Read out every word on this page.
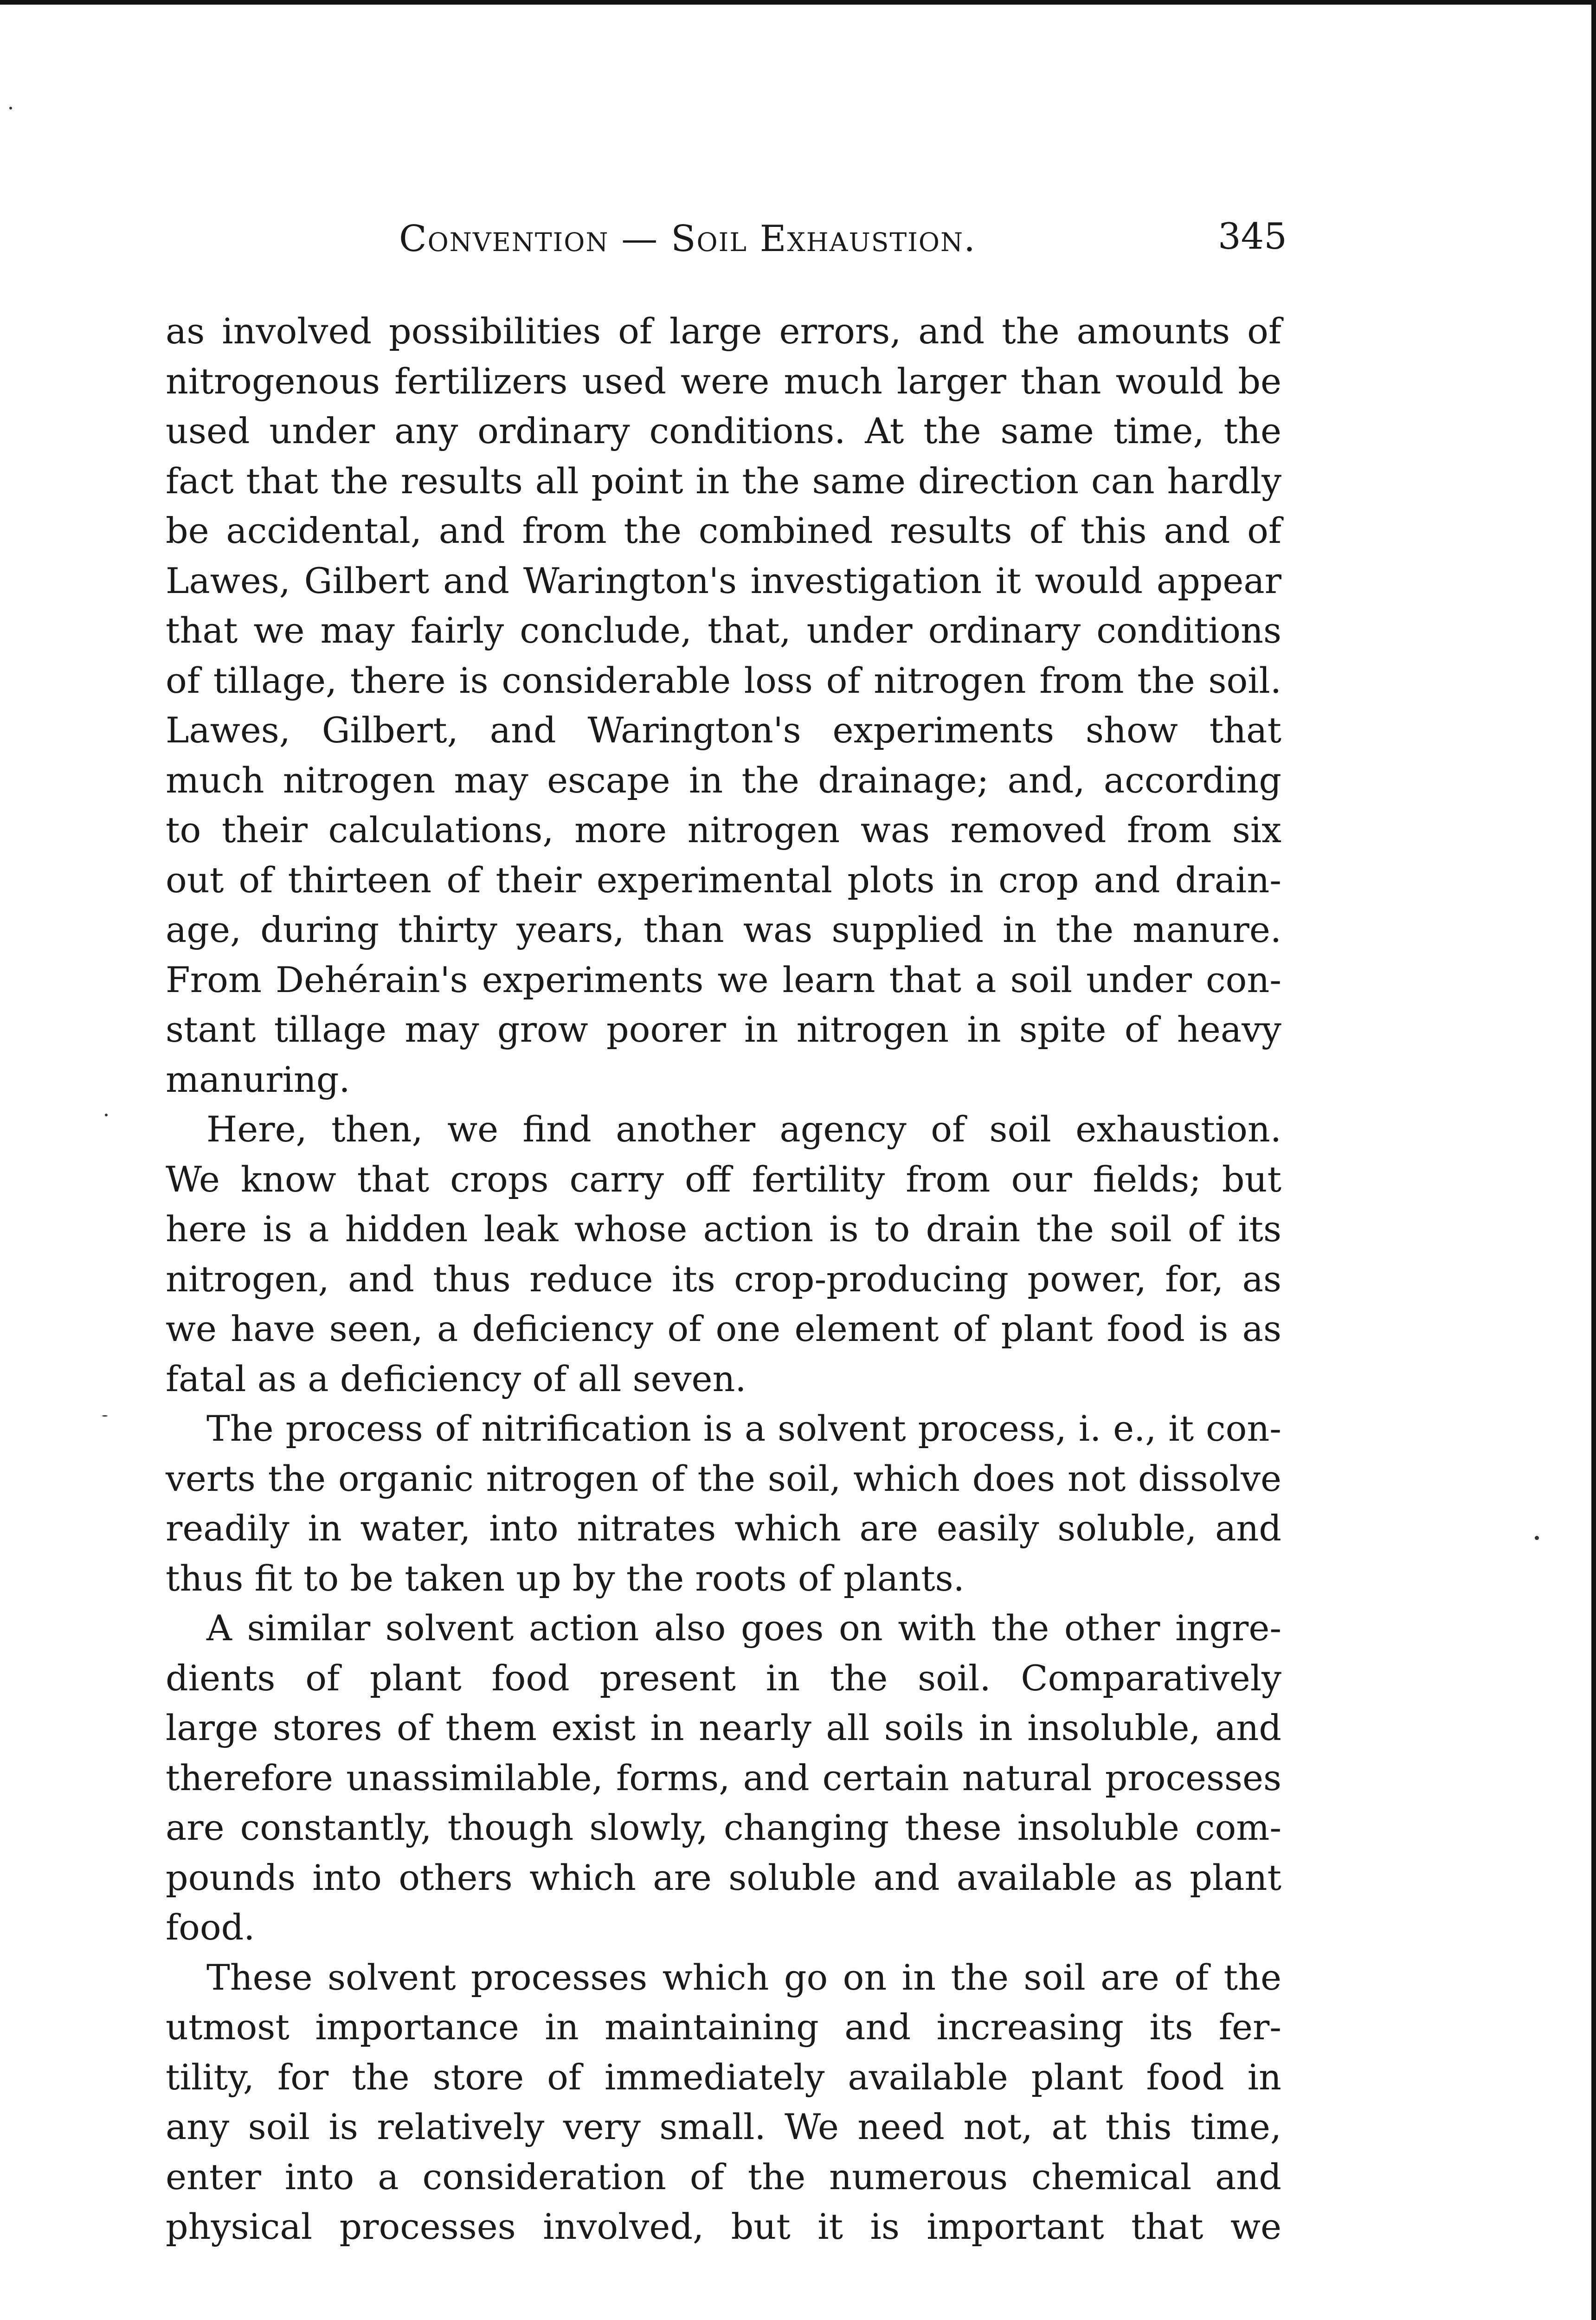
Convention — Soil Exhaustion.	345
as involved possibilities of large errors, and the amounts of
nitrogenous fertilizers used were much larger than would be
used under any ordinary conditions. At the same time, the
fact that the results all point in the same direction can hardly
be accidental, and from the combined results of this and of
Lawes, Gilbert and Warington's investigation it would appear
that we may fairly conclude, that, under ordinary conditions
of tillage, there is considerable loss of nitrogen from the soil.
Lawes, Gilbert, and Warington's experiments show that
much nitrogen may escape in the drainage; and, according
to their calculations, more nitrogen was removed from six
out of thirteen of their experimental plots in crop and drain-
age, during thirty years, than was supplied in the manure.
From Dehérain's experiments we learn that a soil under con-
stant tillage may grow poorer in nitrogen in spite of heavy
manuring.
Here, then, we find another agency of soil exhaustion.
We know that crops carry off fertility from our fields; but
here is a hidden leak whose action is to drain the soil of its
nitrogen, and thus reduce its crop-producing power, for, as
we have seen, a deficiency of one element of plant food is as
fatal as a deficiency of all seven.
The process of nitrification is a solvent process, i. e., it con-
verts the organic nitrogen of the soil, which does not dissolve
readily in water, into nitrates which are easily soluble, and
thus fit to be taken up by the roots of plants.
A similar solvent action also goes on with the other ingre-
dients of plant food present in the soil. Comparatively
large stores of them exist in nearly all soils in insoluble, and
therefore unassimilable, forms, and certain natural processes
are constantly, though slowly, changing these insoluble com-
pounds into others which are soluble and available as plant
food.
These solvent processes which go on in the soil are of the
utmost importance in maintaining and increasing its fer-
tility, for the store of immediately available plant food in
any soil is relatively very small. We need not, at this time,
enter into a consideration of the numerous chemical and
physical processes involved, but it is important that we
